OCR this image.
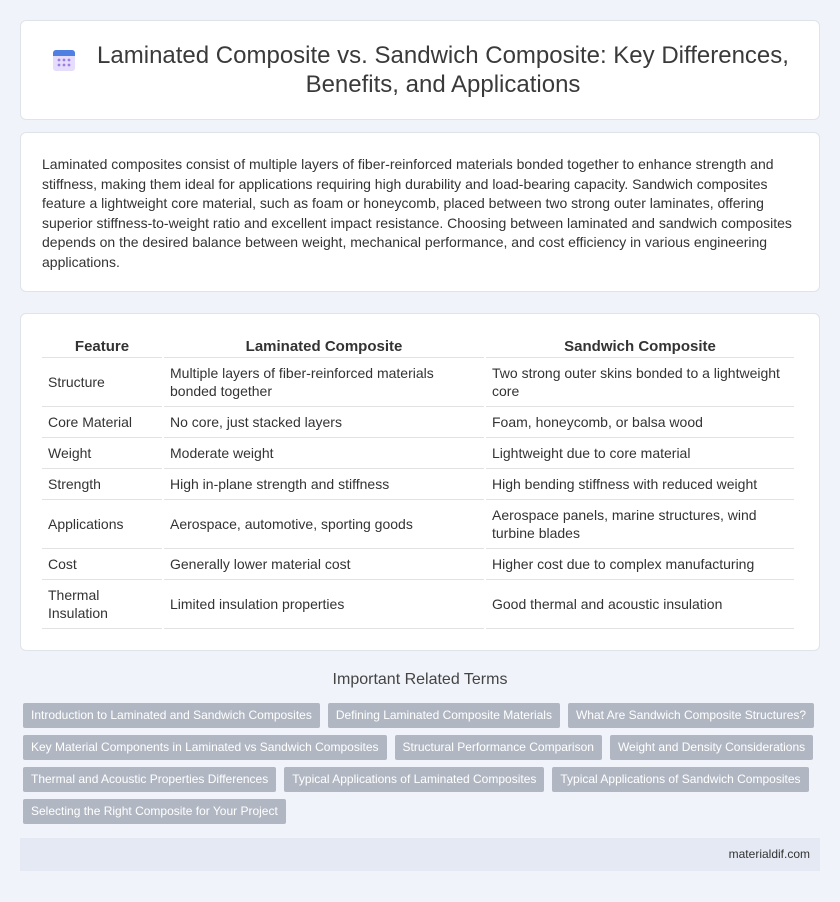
Laminated Composite vs. Sandwich Composite: Key Differences, Benefits, and Applications

Laminated composites consist of multiple layers of fiber-reinforced materials bonded together to enhance strength and stiffness, making them ideal for applications requiring high durability and load-bearing capacity. Sandwich composites feature a lightweight core material, such as foam or honeycomb, placed between two strong outer laminates, offering superior stiffness-to-weight ratio and excellent impact resistance. Choosing between laminated and sandwich composites depends on the desired balance between weight, mechanical performance, and cost efficiency in various engineering applications.

Feature	Laminated Composite	Sandwich Composite
Structure	Multiple layers of fiber-reinforced materials bonded together	Two strong outer skins bonded to a lightweight core
Core Material	No core, just stacked layers	Foam, honeycomb, or balsa wood
Weight	Moderate weight	Lightweight due to core material
Strength	High in-plane strength and stiffness	High bending stiffness with reduced weight
Applications	Aerospace, automotive, sporting goods	Aerospace panels, marine structures, wind turbine blades
Cost	Generally lower material cost	Higher cost due to complex manufacturing
Thermal Insulation	Limited insulation properties	Good thermal and acoustic insulation
Important Related Terms
Introduction to Laminated and Sandwich Composites	Defining Laminated Composite Materials	What Are Sandwich Composite Structures?
Key Material Components in Laminated vs Sandwich Composites	Structural Performance Comparison	Weight and Density Considerations
Thermal and Acoustic Properties Differences	Typical Applications of Laminated Composites	Typical Applications of Sandwich Composites
Selecting the Right Composite for Your Project
materialdif.com
